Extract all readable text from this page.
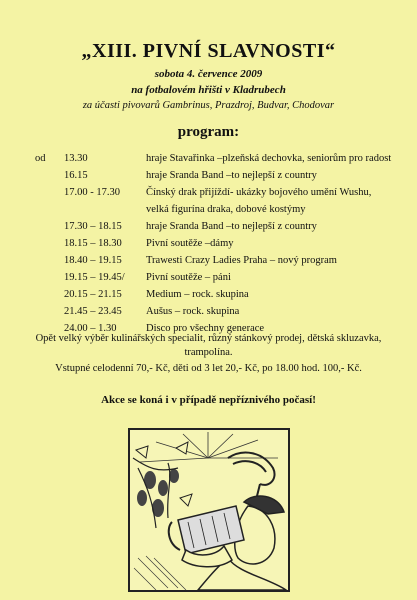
„XIII. PIVNÍ SLAVNOSTI“
sobota 4. července 2009
na fotbalovém hřišti v Kladrubech
za účasti pivovarů Gambrinus, Prazdroj, Budvar, Chodovar
program:
od 13.30	hraje Stavařinka –plzeňská dechovka, seniorům pro radost
16.15	hraje Sranda Band –to nejlepší z country
17.00 - 17.30 Čínský drak přijíždí- ukázky bojového umění Wushu,
velká figurína draka, dobové kostýmy
17.30 – 18.15 hraje Sranda Band –to nejlepší z country
18.15 – 18.30 Pivní soutěže –dámy
18.40 – 19.15 Trawesti Crazy Ladies Praha – nový program
19.15 – 19.45/ Pivní soutěže – páni
20.15 – 21.15 Medium – rock. skupina
21.45 – 23.45 Aušus – rock. skupina
24.00 – 1.30	Disco pro všechny generace
Opět velký výběr kulinářských specialit, různý stánkový prodej, dětská skluzavka,
trampolína.
Vstupné celodenní 70,- Kč, děti od 3 let 20,- Kč, po 18.00 hod. 100,- Kč.
Akce se koná i v případě nepříznivého počasí!
